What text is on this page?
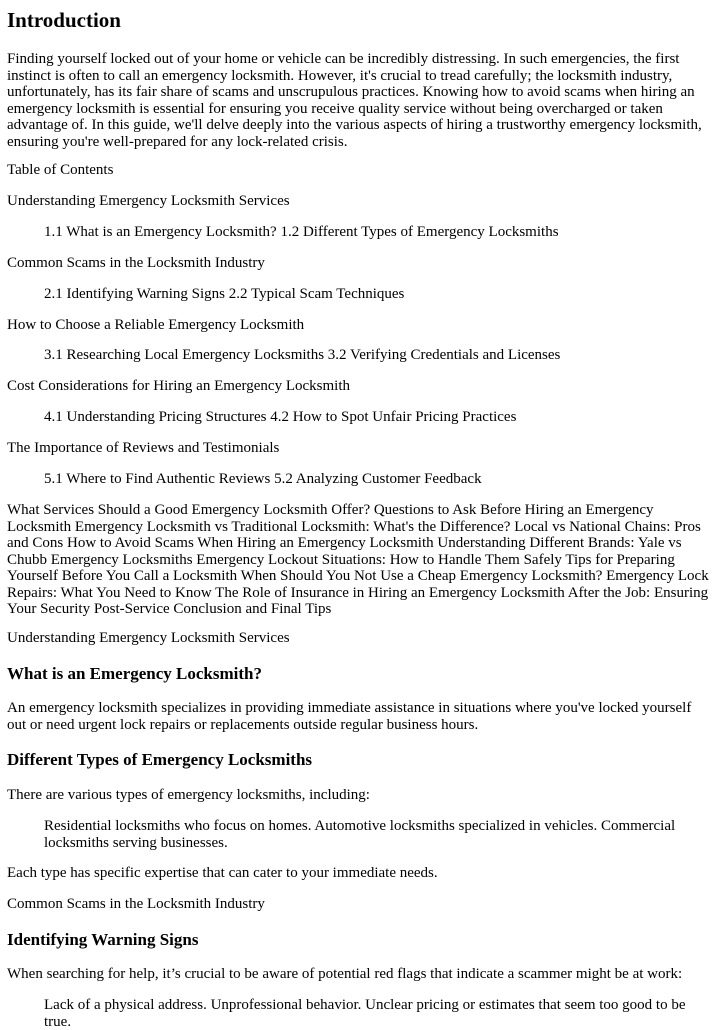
Introduction

Finding yourself locked out of your home or vehicle can be incredibly distressing. In such emergencies, the first instinct is often to call an emergency locksmith. However, it's crucial to tread carefully; the locksmith industry, unfortunately, has its fair share of scams and unscrupulous practices. Knowing how to avoid scams when hiring an emergency locksmith is essential for ensuring you receive quality service without being overcharged or taken advantage of. In this guide, we'll delve deeply into the various aspects of hiring a trustworthy emergency locksmith, ensuring you're well-prepared for any lock-related crisis.

Table of Contents

Understanding Emergency Locksmith Services

1.1 What is an Emergency Locksmith? 1.2 Different Types of Emergency Locksmiths

Common Scams in the Locksmith Industry

2.1 Identifying Warning Signs 2.2 Typical Scam Techniques

How to Choose a Reliable Emergency Locksmith

3.1 Researching Local Emergency Locksmiths 3.2 Verifying Credentials and Licenses

Cost Considerations for Hiring an Emergency Locksmith

4.1 Understanding Pricing Structures 4.2 How to Spot Unfair Pricing Practices

The Importance of Reviews and Testimonials

5.1 Where to Find Authentic Reviews 5.2 Analyzing Customer Feedback

What Services Should a Good Emergency Locksmith Offer? Questions to Ask Before Hiring an Emergency Locksmith Emergency Locksmith vs Traditional Locksmith: What's the Difference? Local vs National Chains: Pros and Cons How to Avoid Scams When Hiring an Emergency Locksmith Understanding Different Brands: Yale vs Chubb Emergency Locksmiths Emergency Lockout Situations: How to Handle Them Safely Tips for Preparing Yourself Before You Call a Locksmith When Should You Not Use a Cheap Emergency Locksmith? Emergency Lock Repairs: What You Need to Know The Role of Insurance in Hiring an Emergency Locksmith After the Job: Ensuring Your Security Post-Service Conclusion and Final Tips

Understanding Emergency Locksmith Services

What is an Emergency Locksmith?

An emergency locksmith specializes in providing immediate assistance in situations where you've locked yourself out or need urgent lock repairs or replacements outside regular business hours.

Different Types of Emergency Locksmiths

There are various types of emergency locksmiths, including:

Residential locksmiths who focus on homes. Automotive locksmiths specialized in vehicles. Commercial locksmiths serving businesses.

Each type has specific expertise that can cater to your immediate needs.

Common Scams in the Locksmith Industry

Identifying Warning Signs

When searching for help, it’s crucial to be aware of potential red flags that indicate a scammer might be at work:

Lack of a physical address. Unprofessional behavior. Unclear pricing or estimates that seem too good to be true.
